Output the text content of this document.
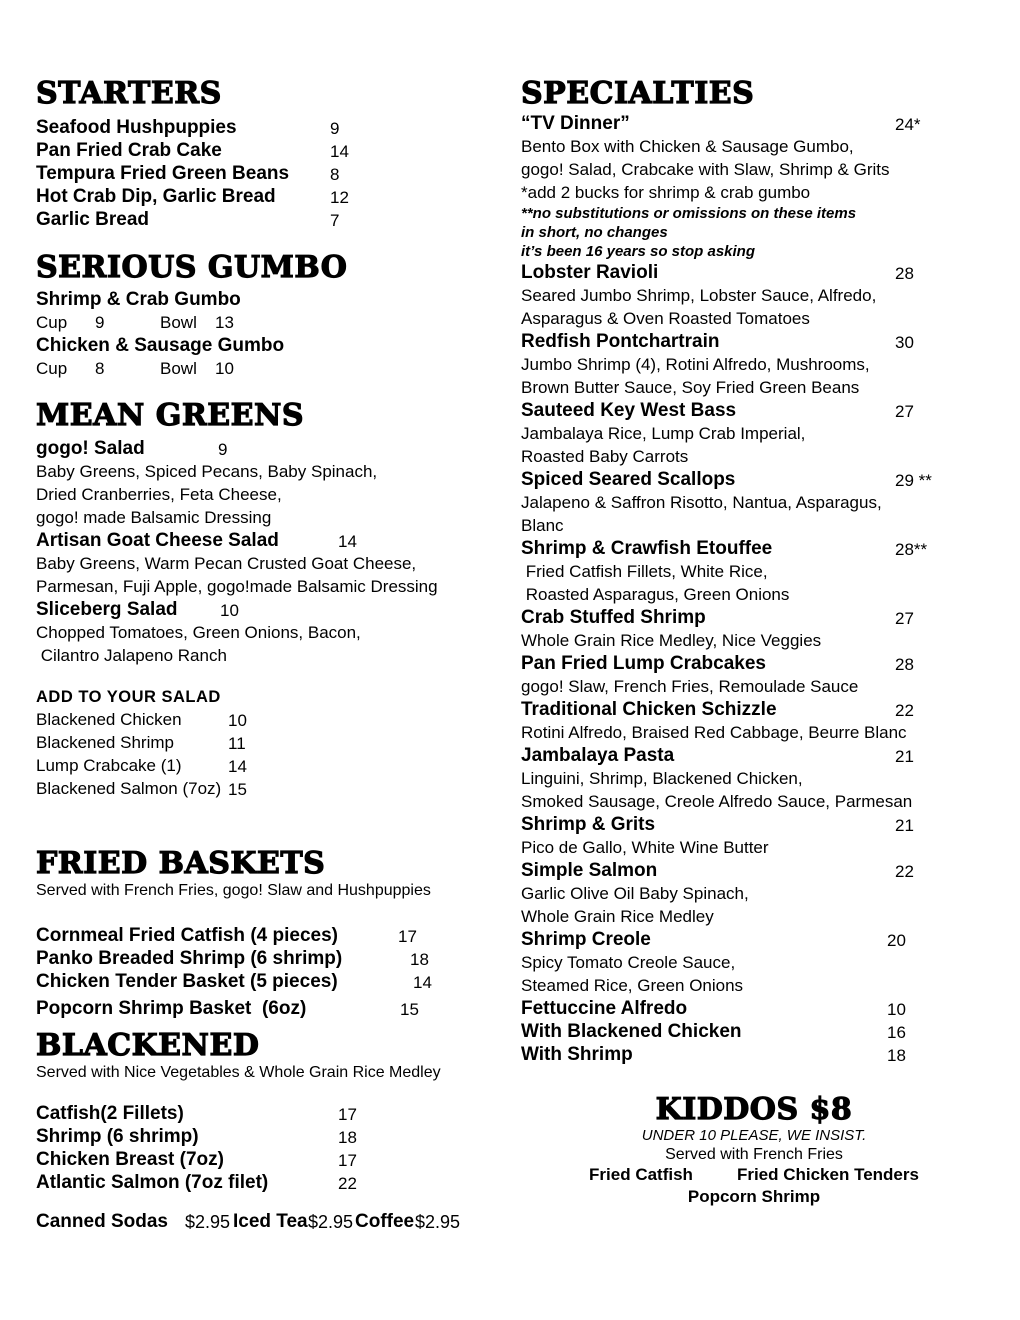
STARTERS
Seafood Hushpuppies	9
Pan Fried Crab Cake	14
Tempura Fried Green Beans 8
Hot Crab Dip, Garlic Bread	12
Garlic Bread	7
SERIOUS GUMBO
Shrimp & Crab Gumbo
Cup 9	Bowl 13
Chicken & Sausage Gumbo
Cup 8	Bowl 10
MEAN GREENS
gogo! Salad	9
Baby Greens, Spiced Pecans, Baby Spinach,
Dried Cranberries, Feta Cheese,
gogo! made Balsamic Dressing
Artisan Goat Cheese Salad	14
Baby Greens, Warm Pecan Crusted Goat Cheese,
Parmesan, Fuji Apple, gogo!made Balsamic Dressing
Sliceberg Salad 10
Chopped Tomatoes, Green Onions, Bacon,
Cilantro Jalapeno Ranch
ADD TO YOUR SALAD
Blackened Chicken	10
Blackened Shrimp	11
Lump Crabcake (1)	14
Blackened Salmon (7oz) 15
FRIED BASKETS
Served with French Fries, gogo! Slaw and Hushpuppies
Cornmeal Fried Catfish (4 pieces)	17
Panko Breaded Shrimp (6 shrimp)	18
Chicken Tender Basket (5 pieces)	14
Popcorn Shrimp Basket  (6oz)	15
BLACKENED
Served with Nice Vegetables & Whole Grain Rice Medley
Catfish(2 Fillets)	17
Shrimp (6 shrimp)	18
Chicken Breast (7oz)	17
Atlantic Salmon (7oz filet)	22
Canned Sodas $2.95 Iced Tea $2.95 Coffee $2.95
SPECIALTIES
“TV Dinner”	24*
Bento Box with Chicken & Sausage Gumbo,
gogo! Salad, Crabcake with Slaw, Shrimp & Grits
*add 2 bucks for shrimp & crab gumbo
**no substitutions or omissions on these items
in short, no changes
it’s been 16 years so stop asking
Lobster Ravioli	28
Seared Jumbo Shrimp, Lobster Sauce, Alfredo,
Asparagus & Oven Roasted Tomatoes
Redfish Pontchartrain	30
Jumbo Shrimp (4), Rotini Alfredo, Mushrooms,
Brown Butter Sauce, Soy Fried Green Beans
Sauteed Key West Bass	27
Jambalaya Rice, Lump Crab Imperial,
Roasted Baby Carrots
Spiced Seared Scallops	29 **
Jalapeno & Saffron Risotto, Nantua, Asparagus,
Blanc
Shrimp & Crawfish Etouffee	28**
Fried Catfish Fillets, White Rice,
Roasted Asparagus, Green Onions
Crab Stuffed Shrimp	27
Whole Grain Rice Medley, Nice Veggies
Pan Fried Lump Crabcakes	28
gogo! Slaw, French Fries, Remoulade Sauce
Traditional Chicken Schizzle	22
Rotini Alfredo, Braised Red Cabbage, Beurre Blanc
Jambalaya Pasta	21
Linguini, Shrimp, Blackened Chicken,
Smoked Sausage, Creole Alfredo Sauce, Parmesan
Shrimp & Grits	21
Pico de Gallo, White Wine Butter
Simple Salmon	22
Garlic Olive Oil Baby Spinach,
Whole Grain Rice Medley
Shrimp Creole	20
Spicy Tomato Creole Sauce,
Steamed Rice, Green Onions
Fettuccine Alfredo	10
With Blackened Chicken	16
With Shrimp	18
KIDDOS $8
UNDER 10 PLEASE, WE INSIST.
Served with French Fries
Fried Catfish	Fried Chicken Tenders
Popcorn Shrimp
